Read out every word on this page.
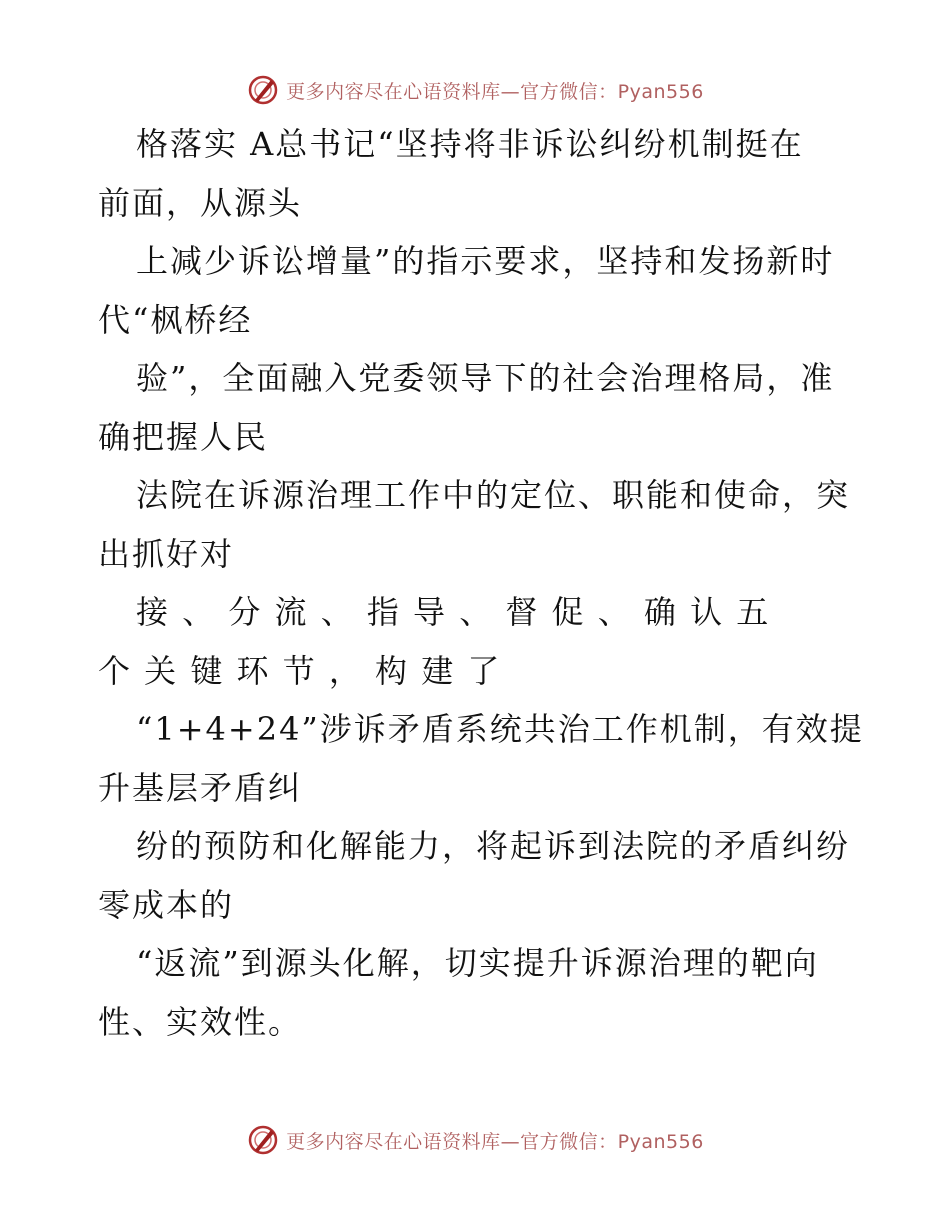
更多内容尽在心语资料库—官方微信：Pyan556
格落实 A总书记“坚持将非诉讼纠纷机制挺在
前面，从源头
上减少诉讼增量”的指示要求，坚持和发扬新时
代“枫桥经
验”，全面融入党委领导下的社会治理格局，准
确把握人民
法院在诉源治理工作中的定位、职能和使命，突
出抓好对
接 、 分 流 、 指 导 、 督 促 、 确 认 五
个 关 键 环 节 ， 构 建 了
“1+4+24”涉诉矛盾系统共治工作机制，有效提
升基层矛盾纠
纷的预防和化解能力，将起诉到法院的矛盾纠纷
零成本的
“返流”到源头化解，切实提升诉源治理的靶向
性、实效性。
更多内容尽在心语资料库—官方微信：Pyan556
